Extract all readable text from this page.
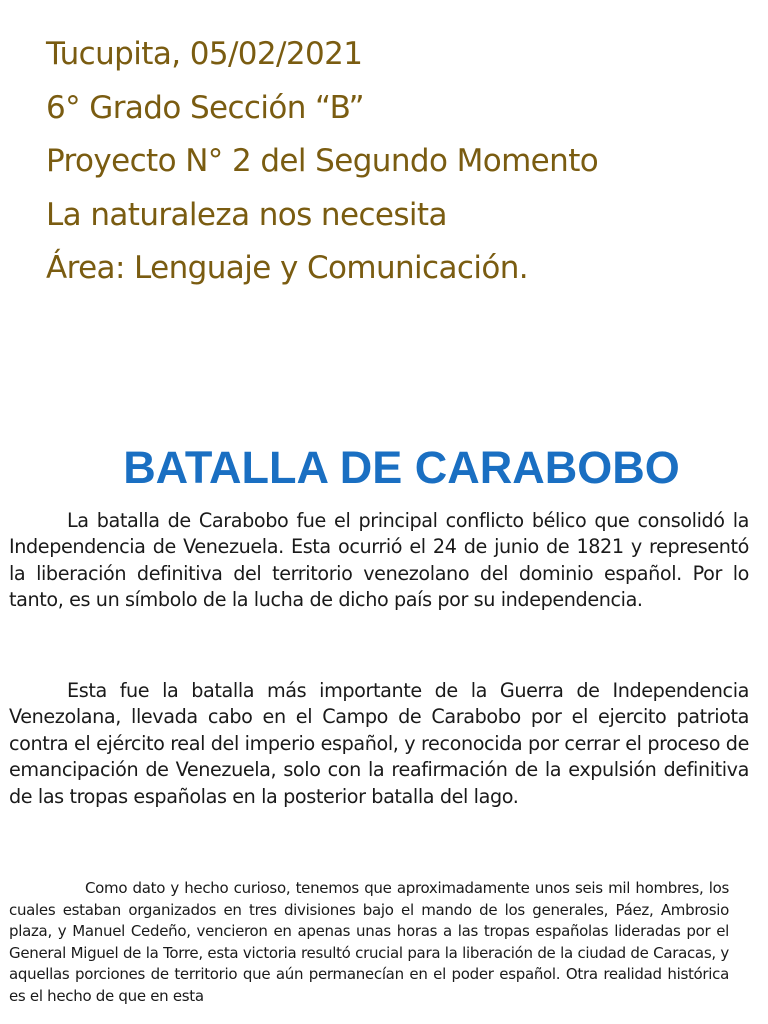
Tucupita, 05/02/2021
6° Grado Sección “B”
Proyecto N° 2 del Segundo Momento
La naturaleza nos necesita
Área: Lenguaje y Comunicación.
BATALLA DE CARABOBO

La batalla de Carabobo fue el principal conflicto bélico que consolidó la Independencia de Venezuela. Esta ocurrió el 24 de junio de 1821 y representó la liberación definitiva del territorio venezolano del dominio español. Por lo tanto, es un símbolo de la lucha de dicho país por su independencia.

Esta fue la batalla más importante de la Guerra de Independencia Venezolana, llevada cabo en el Campo de Carabobo por el ejercito patriota contra el ejército real del imperio español, y reconocida por cerrar el proceso de emancipación de Venezuela, solo con la reafirmación de la expulsión definitiva de las tropas españolas en la posterior batalla del lago.

Como dato y hecho curioso, tenemos que aproximadamente unos seis mil hombres, los cuales estaban organizados en tres divisiones bajo el mando de los generales, Páez, Ambrosio plaza, y Manuel Cedeño, vencieron en apenas unas horas a las tropas españolas lideradas por el General Miguel de la Torre, esta victoria resultó crucial para la liberación de la ciudad de Caracas, y aquellas porciones de territorio que aún permanecían en el poder español. Otra realidad histórica es el hecho de que en esta
